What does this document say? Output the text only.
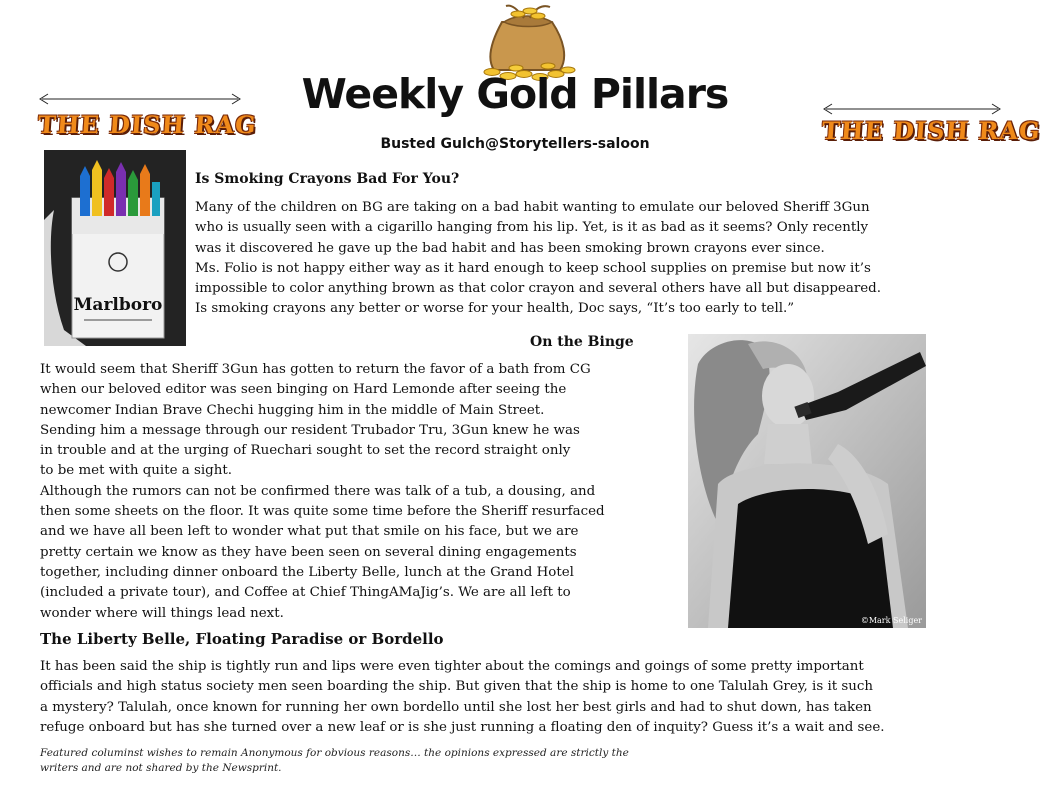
Weekly Gold Pillars
Busted Gulch@Storytellers-saloon
THE DISH RAG	THE DISH RAG
Marlboro
Is Smoking Crayons Bad For You?
Many of the children on BG are taking on a bad habit wanting to emulate our beloved Sheriff 3Gun
who is usually seen with a cigarillo hanging from his lip. Yet, is it as bad as it seems? Only recently
was it discovered he gave up the bad habit and has been smoking brown crayons ever since.
Ms. Folio is not happy either way as it hard enough to keep school supplies on premise but now it’s
impossible to color anything brown as that color crayon and several others have all but disappeared.
Is smoking crayons any better or worse for your health, Doc says, “It’s too early to tell.”
On the Binge
It would seem that Sheriff 3Gun has gotten to return the favor of a bath from CG
when our beloved editor was seen binging on Hard Lemonde after seeing the
newcomer Indian Brave Chechi hugging him in the middle of Main Street.
Sending him a message through our resident Trubador Tru, 3Gun knew he was
in trouble and at the urging of Ruechari sought to set the record straight only
to be met with quite a sight.
Although the rumors can not be confirmed there was talk of a tub, a dousing, and
then some sheets on the floor. It was quite some time before the Sheriff resurfaced
and we have all been left to wonder what put that smile on his face, but we are
pretty certain we know as they have been seen on several dining engagements
together, including dinner onboard the Liberty Belle, lunch at the Grand Hotel
(included a private tour), and Coffee at Chief ThingAMaJig’s. We are all left to
wonder where will things lead next.	©Mark Seliger
The Liberty Belle, Floating Paradise or Bordello
It has been said the ship is tightly run and lips were even tighter about the comings and goings of some pretty important
officials and high status society men seen boarding the ship. But given that the ship is home to one Talulah Grey, is it such
a mystery? Talulah, once known for running her own bordello until she lost her best girls and had to shut down, has taken
refuge onboard but has she turned over a new leaf or is she just running a floating den of inquity? Guess it’s a wait and see.
Featured columinst wishes to remain Anonymous for obvious reasons… the opinions expressed are strictly the
writers and are not shared by the Newsprint.
